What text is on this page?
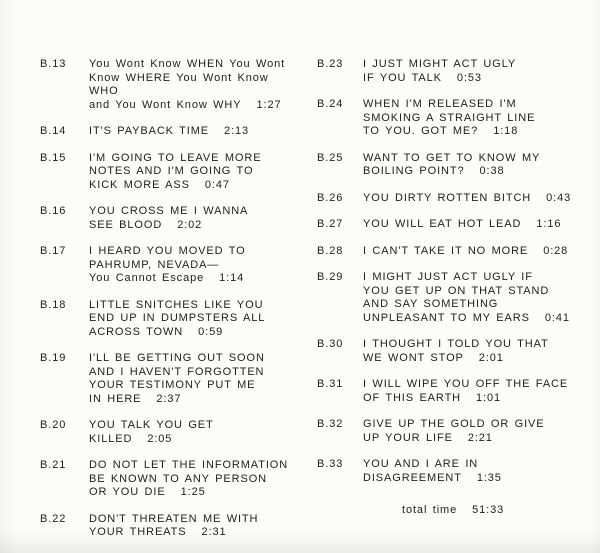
B.13	You Wont Know WHEN You Wont
Know WHERE You Wont Know WHO
and You Wont Know WHY 1:27
B.14	IT'S PAYBACK TIME 2:13
B.15	I'M GOING TO LEAVE MORE
NOTES AND I'M GOING TO
KICK MORE ASS 0:47
B.16	YOU CROSS ME I WANNA
SEE BLOOD 2:02
B.17	I HEARD YOU MOVED TO
PAHRUMP, NEVADA—
You Cannot Escape 1:14
B.18	LITTLE SNITCHES LIKE YOU
END UP IN DUMPSTERS ALL
ACROSS TOWN 0:59
B.19	I'LL BE GETTING OUT SOON
AND I HAVEN'T FORGOTTEN
YOUR TESTIMONY PUT ME
IN HERE 2:37
B.20	YOU TALK YOU GET KILLED 2:05
B.21	DO NOT LET THE INFORMATION
BE KNOWN TO ANY PERSON
OR YOU DIE 1:25
B.22	DON'T THREATEN ME WITH
YOUR THREATS 2:31
B.23	I JUST MIGHT ACT UGLY
IF YOU TALK 0:53
B.24	WHEN I'M RELEASED I'M
SMOKING A STRAIGHT LINE
TO YOU. GOT ME? 1:18
B.25	WANT TO GET TO KNOW MY
BOILING POINT? 0:38
B.26	YOU DIRTY ROTTEN BITCH 0:43
B.27	YOU WILL EAT HOT LEAD 1:16
B.28	I CAN'T TAKE IT NO MORE 0:28
B.29	I MIGHT JUST ACT UGLY IF
YOU GET UP ON THAT STAND
AND SAY SOMETHING
UNPLEASANT TO MY EARS 0:41
B.30	I THOUGHT I TOLD YOU THAT
WE WONT STOP 2:01
B.31	I WILL WIPE YOU OFF THE FACE
OF THIS EARTH 1:01
B.32	GIVE UP THE GOLD OR GIVE
UP YOUR LIFE 2:21
B.33	YOU AND I ARE IN
DISAGREEMENT 1:35
total time 51:33
